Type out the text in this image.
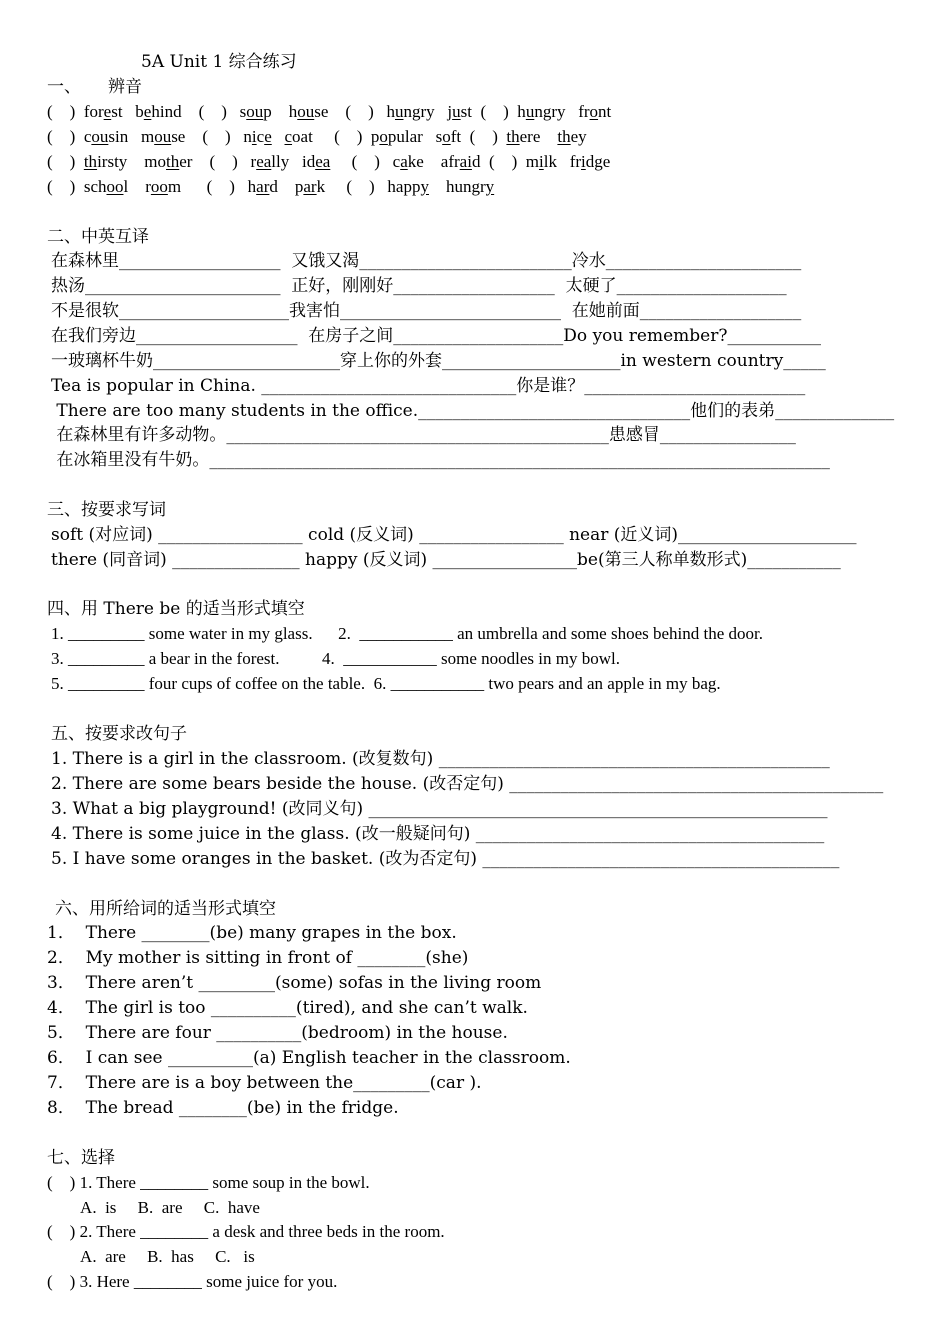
5A Unit 1 综合练习
一、     辨音
(    )  forest   behind    (    )   soup    house    (    )   hungry   just  (    )  hungry   front
(    )  cousin   mouse    (    )   nice coat     (    )  popular   soft  (    )  there    they
(    )  thirsty    mother    (    )   really   idea     (    )   cake    afraid  (    )  milk   fridge
(    )  school    room      (    )   hard    park     (    )   happy    hungry
二、中英互译
在森林里___________________  又饿又渴_________________________冷水_______________________
热汤_______________________  正好，刚刚好___________________  太硬了____________________
不是很软____________________我害怕__________________________  在她前面___________________
在我们旁边___________________  在房子之间____________________Do you remember?___________
一玻璃杯牛奶______________________穿上你的外套_____________________in western country_____
Tea is popular in China. ______________________________你是谁？__________________________
There are too many students in the office.________________________________他们的表弟______________
在森林里有许多动物。_____________________________________________患感冒________________
在冰箱里没有牛奶。_________________________________________________________________________
三、按要求写词
soft (对应词) _________________ cold (反义词) _________________ near (近义词)_____________________
there (同音词) _______________ happy (反义词) _________________be(第三人称单数形式)___________
四、用 There be 的适当形式填空
1. _________ some water in my glass.      2.  ___________ an umbrella and some shoes behind the door.
3. _________ a bear in the forest.          4.  ___________ some noodles in my bowl.
5. _________ four cups of coffee on the table.  6. ___________ two pears and an apple in my bag.
五、按要求改句子
1. There is a girl in the classroom. (改复数句) ______________________________________________
2. There are some bears beside the house. (改否定句) ____________________________________________
3. What a big playground! (改同义句) ______________________________________________________
4. There is some juice in the glass. (改一般疑问句) _________________________________________
5. I have some oranges in the basket. (改为否定句) __________________________________________
六、用所给词的适当形式填空
1．  There ________(be) many grapes in the box.
2．  My mother is sitting in front of ________(she)
3．  There aren’t _________(some) sofas in the living room
4．  The girl is too __________(tired), and she can’t walk.
5．  There are four __________(bedroom) in the house.
6．  I can see __________(a) English teacher in the classroom.
7．  There are is a boy between the_________(car ).
8．  The bread ________(be) in the fridge.
七、选择
(    ) 1. There ________ some soup in the bowl.
A.  is     B.  are     C.  have
(    ) 2. There ________ a desk and three beds in the room.
A.  are     B.  has     C.   is
(    ) 3. Here ________ some juice for you.
